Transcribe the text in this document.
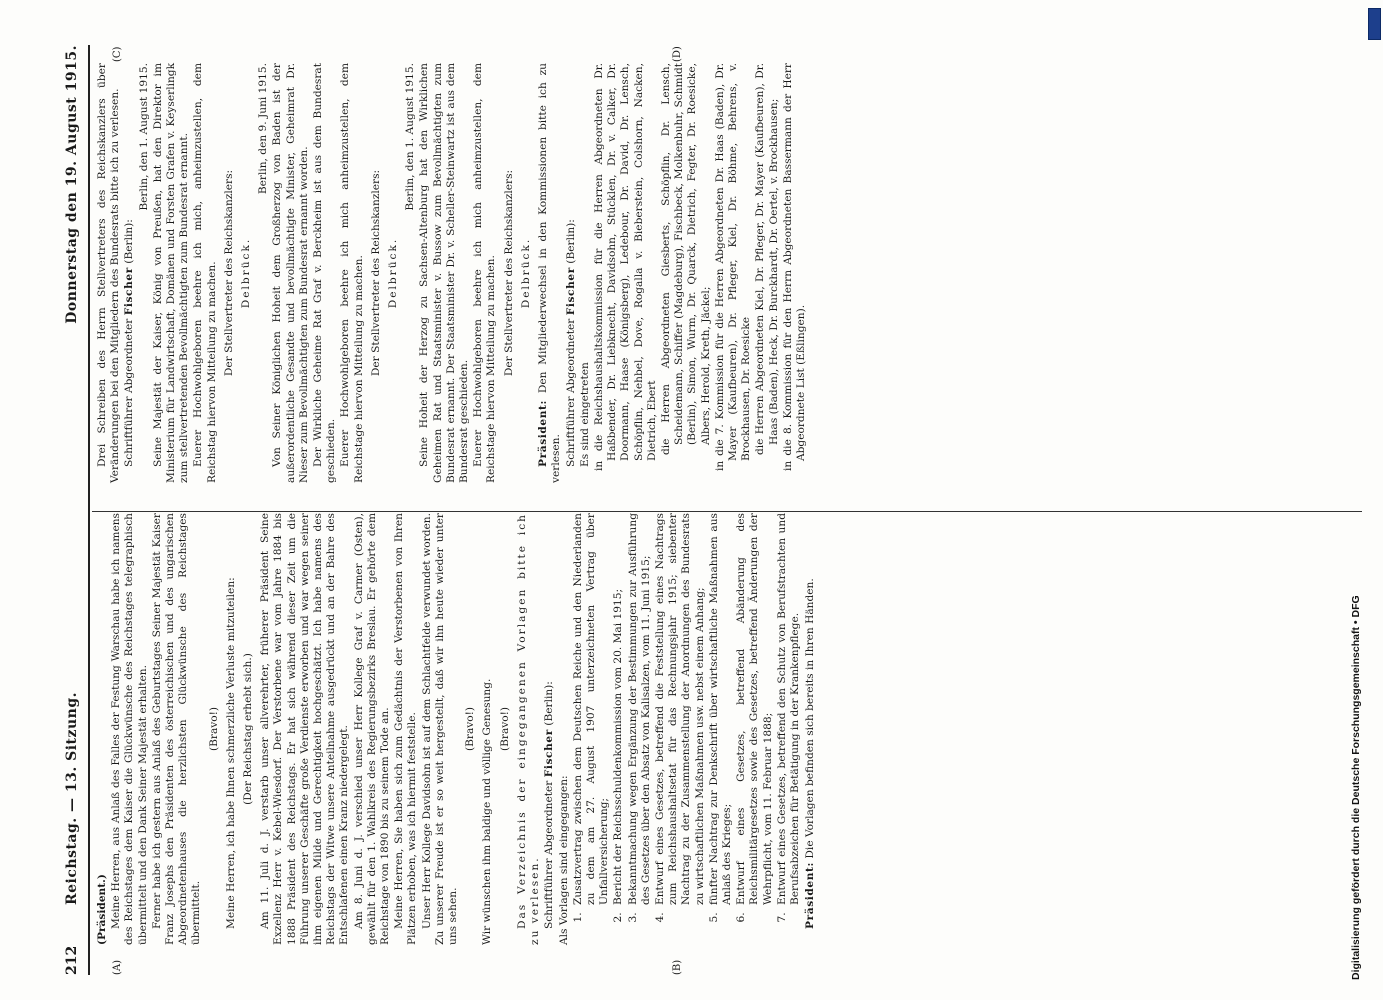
212
Reichstag. — 13. Sitzung.
Donnerstag den 19. August 1915.
(A)	(B)
(C)	(D)

(Präsident.) Meine Herren, aus Anlaß des Falles der Festung Warschau habe ich namens des Reichstages dem Kaiser die Glückwünsche des Reichstages telegraphisch übermittelt und den Dank Seiner Majestät erhalten. Ferner habe ich gestern aus Anlaß des Geburtstages Seiner Majestät Kaiser Franz Josephs den Präsidenten des österreichischen und des ungarischen Abgeordnetenhauses die herzlichsten Glückwünsche des Reichstages übermittelt.

(Bravo!) Meine Herren, ich habe Ihnen schmerzliche Verluste mitzuteilen: (Der Reichstag erhebt sich.) Am 11. Juli d. J. verstarb unser allverehrter, früherer Präsident Seine Exzellenz Herr v. Kebel-Wiesdorf. Der Verstorbene war vom Jahre 1884 bis 1888 Präsident des Reichstags. Er hat sich während dieser Zeit um die Führung unserer Geschäfte große Verdienste erworben und war wegen seiner ihm eigenen Milde und Gerechtigkeit hochgeschätzt. Ich habe namens des Reichstags der Witwe unsere Anteilnahme ausgedrückt und an der Bahre des Entschlafenen einen Kranz niedergelegt. Am 8. Juni d. J. verschied unser Herr Kollege Graf v. Carmer (Osten), gewählt für den 1. Wahlkreis des Regierungsbezirks Breslau. Er gehörte dem Reichstage von 1890 bis zu seinem Tode an. Meine Herren, Sie haben sich zum Gedächtnis der Verstorbenen von Ihren Plätzen erhoben, was ich hiermit feststelle. Unser Herr Kollege Davidsohn ist auf dem Schlachtfelde verwundet worden. Zu unserer Freude ist er so weit hergestellt, daß wir ihn heute wieder unter uns sehen.

(Bravo!) Wir wünschen ihm baldige und völlige Genesung. (Bravo!) Das Verzeichnis der eingegangenen Vorlagen bitte ich zu verlesen. Schriftführer Abgeordneter Fischer (Berlin):

Als Vorlagen sind eingegangen: 1. Zusatzvertrag zwischen dem Deutschen Reiche und den Niederlanden zu dem am 27. August 1907 unterzeichneten Vertrag über Unfallversicherung; 2. Bericht der Reichsschuldenkommission vom 20. Mai 1915; 3. Bekanntmachung wegen Ergänzung der Bestimmungen zur Ausführung des Gesetzes über den Absatz von Kalisalzen, vom 11. Juni 1915; 4. Entwurf eines Gesetzes, betreffend die Feststellung eines Nachtrags zum Reichshaushaltsetat für das Rechnungsjahr 1915; siebenter Nachtrag zu der Zusammenstellung der Anordnungen des Bundesrats zu wirtschaftlichen Maßnahmen usw. nebst einem Anhang; 5. fünfter Nachtrag zur Denkschrift über wirtschaftliche Maßnahmen aus Anlaß des Krieges; 6. Entwurf eines Gesetzes, betreffend Abänderung des Reichsmilitärgesetzes sowie des Gesetzes, betreffend Änderungen der Wehrpflicht, vom 11. Februar 1888; 7. Entwurf eines Gesetzes, betreffend den Schutz von Berufstrachten und Berufsabzeichen für Betätigung in der Krankenpflege. Präsident: Die Vorlagen befinden sich bereits in Ihren Händen.

Drei Schreiben des Herrn Stellvertreters des Reichskanzlers über Veränderungen bei den Mitgliedern des Bundesrats bitte ich zu verlesen. Schriftführer Abgeordneter Fischer (Berlin):

Berlin, den 1. August 1915. Seine Majestät der Kaiser, König von Preußen, hat den Direktor im Ministerium für Landwirtschaft, Domänen und Forsten Grafen v. Keyserlingk zum stellvertretenden Bevollmächtigten zum Bundesrat ernannt. Euerer Hochwohlgeboren beehre ich mich, anheimzustellen, dem Reichstag hiervon Mitteilung zu machen. Der Stellvertreter des Reichskanzlers: Delbrück.

Berlin, den 9. Juni 1915. Von Seiner Königlichen Hoheit dem Großherzog von Baden ist der außerordentliche Gesandte und bevollmächtigte Minister, Geheimrat Dr. Nieser zum Bevollmächtigten zum Bundesrat ernannt worden. Der Wirkliche Geheime Rat Graf v. Berckheim ist aus dem Bundesrat geschieden. Euerer Hochwohlgeboren beehre ich mich anheimzustellen, dem Reichstage hiervon Mitteilung zu machen. Der Stellvertreter des Reichskanzlers: Delbrück.

Berlin, den 1. August 1915. Seine Hoheit der Herzog zu Sachsen-Altenburg hat den Wirklichen Geheimen Rat und Staatsminister v. Bussow zum Bevollmächtigten zum Bundesrat ernannt. Der Staatsminister Dr. v. Scheller-Steinwartz ist aus dem Bundesrat geschieden. Euerer Hochwohlgeboren beehre ich mich anheimzustellen, dem Reichstage hiervon Mitteilung zu machen. Der Stellvertreter des Reichskanzlers: Delbrück.

Präsident: Den Mitgliederwechsel in den Kommissionen bitte ich zu verlesen. Schriftführer Abgeordneter Fischer (Berlin):

Es sind eingetreten in die Reichshaushaltskommission für die Herren Abgeordneten Dr. Haßbender, Dr. Liebknecht, Davidsohn, Stücklen, Dr. v. Calker, Dr. Doormann, Haase (Königsberg), Ledebour, Dr. David, Dr. Lensch, Schöpflin, Nehbel, Dove, Rogalla v. Bieberstein, Colshorn, Nacken, Dietrich, Ebert die Herren Abgeordneten Giesberts, Schöpflin, Dr. Lensch, Scheidemann, Schiffer (Magdeburg), Fischbeck, Molkenbuhr, Schmidt (Berlin), Simon, Wurm, Dr. Quarck, Dietrich, Fegter, Dr. Roesicke, Albers, Herold, Kreth, Jäckel; in die 7. Kommission für die Herren Abgeordneten Dr. Haas (Baden), Dr. Mayer (Kaufbeuren), Dr. Pfleger, Kiel, Dr. Böhme, Behrens, v. Brockhausen, Dr. Roesicke die Herren Abgeordneten Kiel, Dr. Pfleger, Dr. Mayer (Kaufbeuren), Dr. Haas (Baden), Heck, Dr. Burckhardt, Dr. Oertel, v. Brockhausen; in die 8. Kommission für den Herrn Abgeordneten Bassermann der Herr Abgeordnete List (Eßlingen).

Digitalisierung gefördert durch die Deutsche Forschungsgemeinschaft • DFG
